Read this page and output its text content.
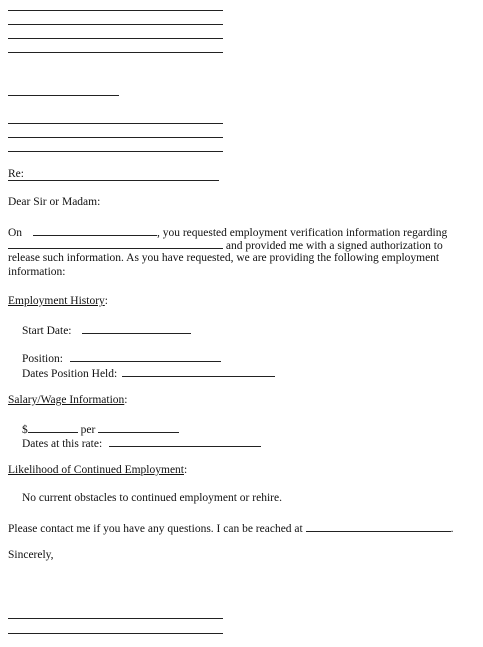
Re:
Dear Sir or Madam:
On	, you requested employment verification information regarding
and provided me with a signed authorization to
release such information. As you have requested, we are providing the following employment
information:
Employment History:
Start Date:
Position:
Dates Position Held:
Salary/Wage Information:
$	per
Dates at this rate:
Likelihood of Continued Employment:
No current obstacles to continued employment or rehire.
Please contact me if you have any questions. I can be reached at	.
Sincerely,
